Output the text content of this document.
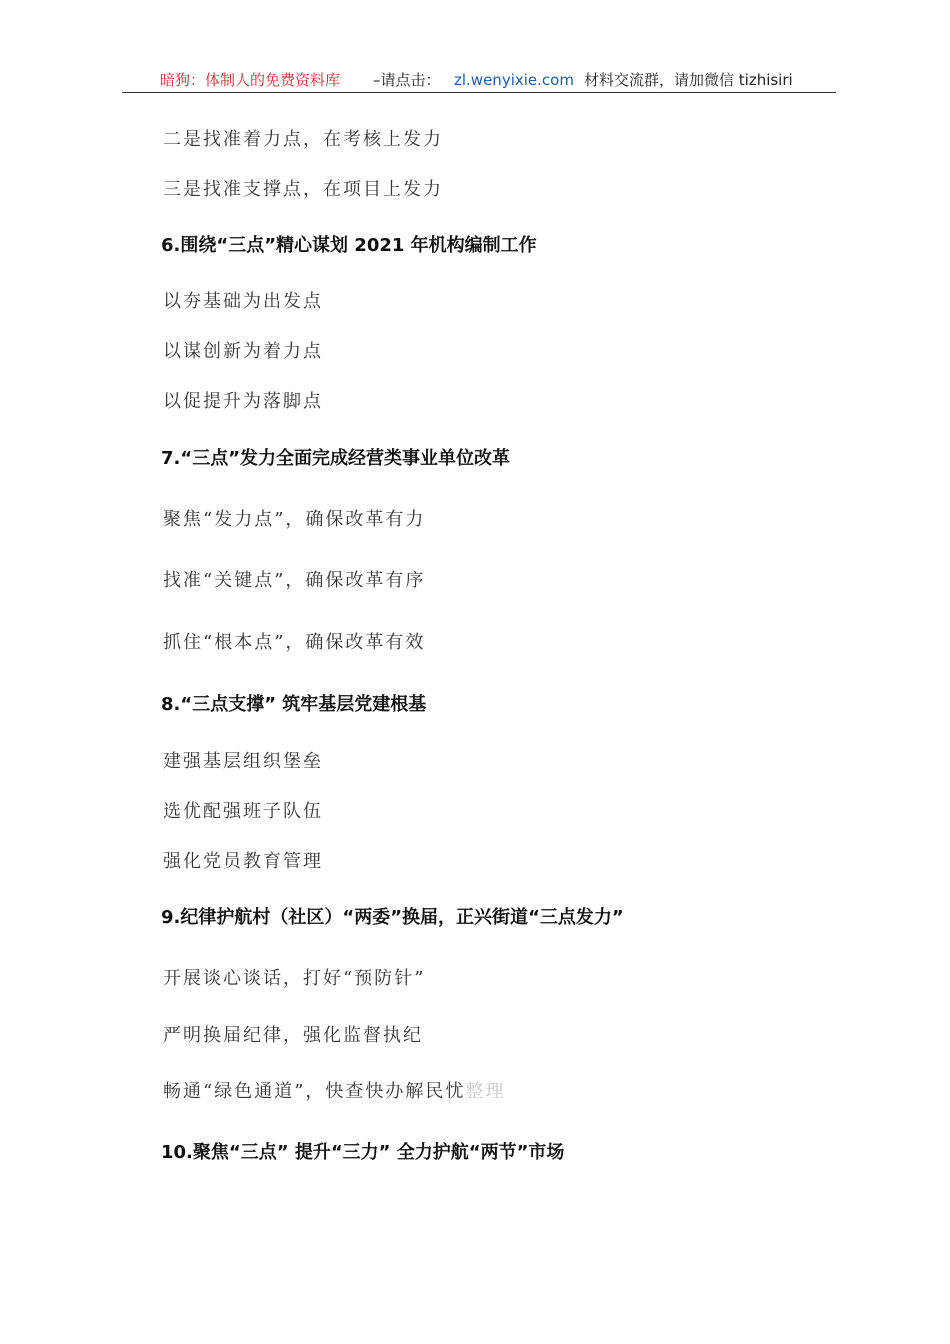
暗狗：体制人的免费资料库 –请点击： zl.wenyixie.com 材料交流群，请加微信 tizhisiri
二是找准着力点，在考核上发力
三是找准支撑点，在项目上发力
6.围绕“三点”精心谋划 2021 年机构编制工作
以夯基础为出发点
以谋创新为着力点
以促提升为落脚点
7.“三点”发力全面完成经营类事业单位改革
聚焦“发力点”，确保改革有力
找准“关键点”，确保改革有序
抓住“根本点”，确保改革有效
8.“三点支撑” 筑牢基层党建根基
建强基层组织堡垒
选优配强班子队伍
强化党员教育管理
9.纪律护航村（社区）“两委”换届，正兴街道“三点发力”
开展谈心谈话，打好“预防针”
严明换届纪律，强化监督执纪
畅通“绿色通道”，快查快办解民忧整理
10.聚焦“三点” 提升“三力” 全力护航“两节”市场
